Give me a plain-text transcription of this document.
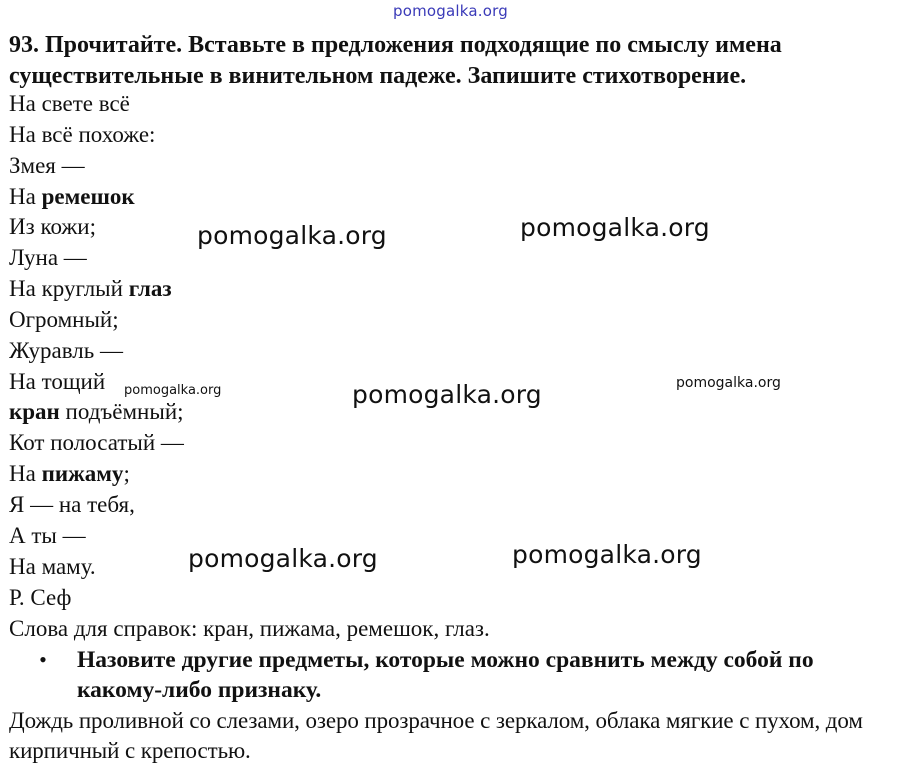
pomogalka.org
93. Прочитайте. Вставьте в предложения подходящие по смыслу имена существительные в винительном падеже. Запишите стихотворение.
На свете всё
На всё похоже:
Змея —
На ремешок
Из кожи;
Луна —
На круглый глаз
Огромный;
Журавль —
На тощий
кран подъёмный;
Кот полосатый —
На пижаму;
Я — на тебя,
А ты —
На маму.
Р. Сеф
Слова для справок: кран, пижама, ремешок, глаз.
•	Назовите другие предметы, которые можно сравнить между собой по какому-либо признаку.
Дождь проливной со слезами, озеро прозрачное с зеркалом, облака мягкие с пухом, дом кирпичный с крепостью.
pomogalka.org	pomogalka.org
pomogalka.org	pomogalka.org	pomogalka.org
pomogalka.org	pomogalka.org
